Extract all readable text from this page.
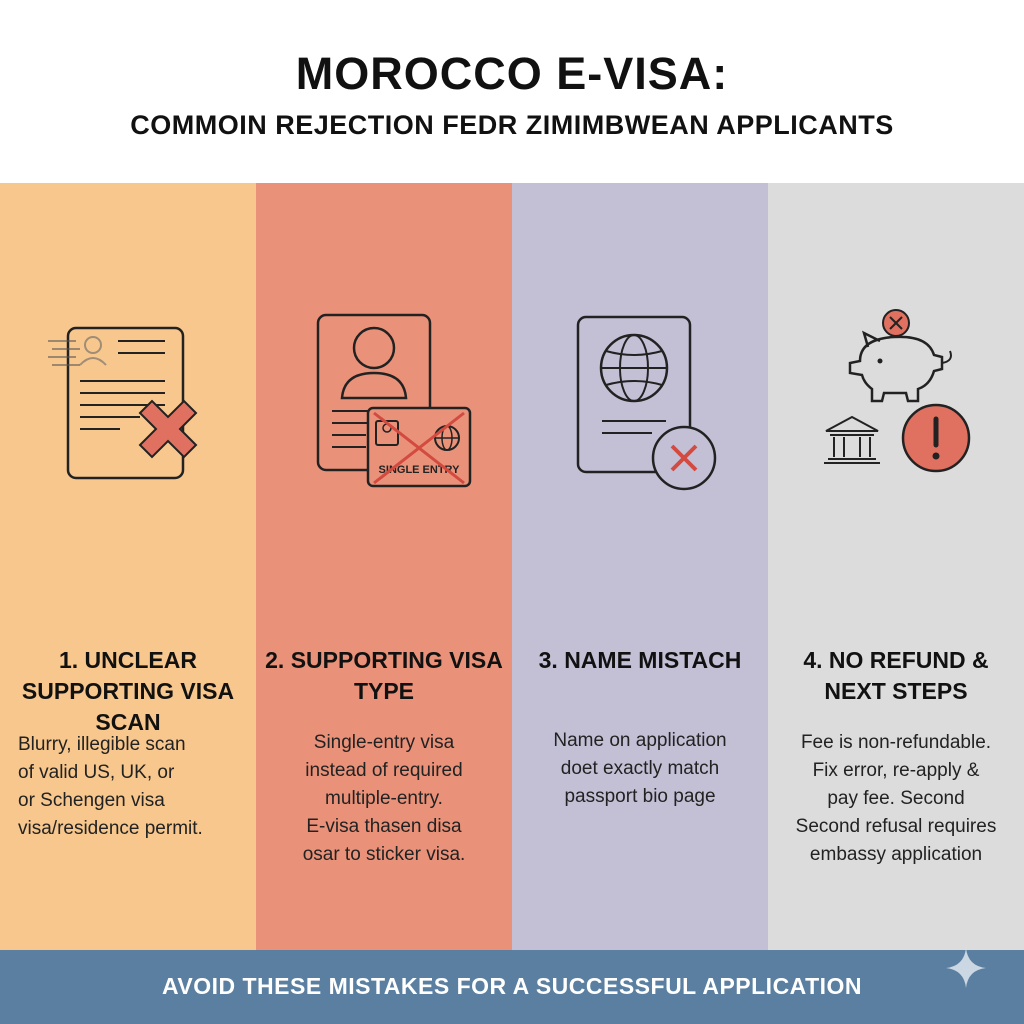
MOROCCO E-VISA:
COMMOIN REJECTION FEDR ZIMIMBWEAN APPLICANTS
1. UNCLEAR SUPPORTING VISA SCAN
Blurry, illegible scan
of valid US, UK, or
or Schengen visa
visa/residence permit.
SINGLE ENTRY
2. SUPPORTING VISA TYPE
Single-entry visa
instead of required
multiple-entry.
E-visa thasen disa
osar to sticker visa.
3. NAME MISTACH
Name on application
doet exactly match
passport bio page
4. NO REFUND & NEXT STEPS
Fee is non-refundable.
Fix error, re-apply &
pay fee. Second
Second refusal requires
embassy application
AVOID THESE MISTAKES FOR A SUCCESSFUL APPLICATION
